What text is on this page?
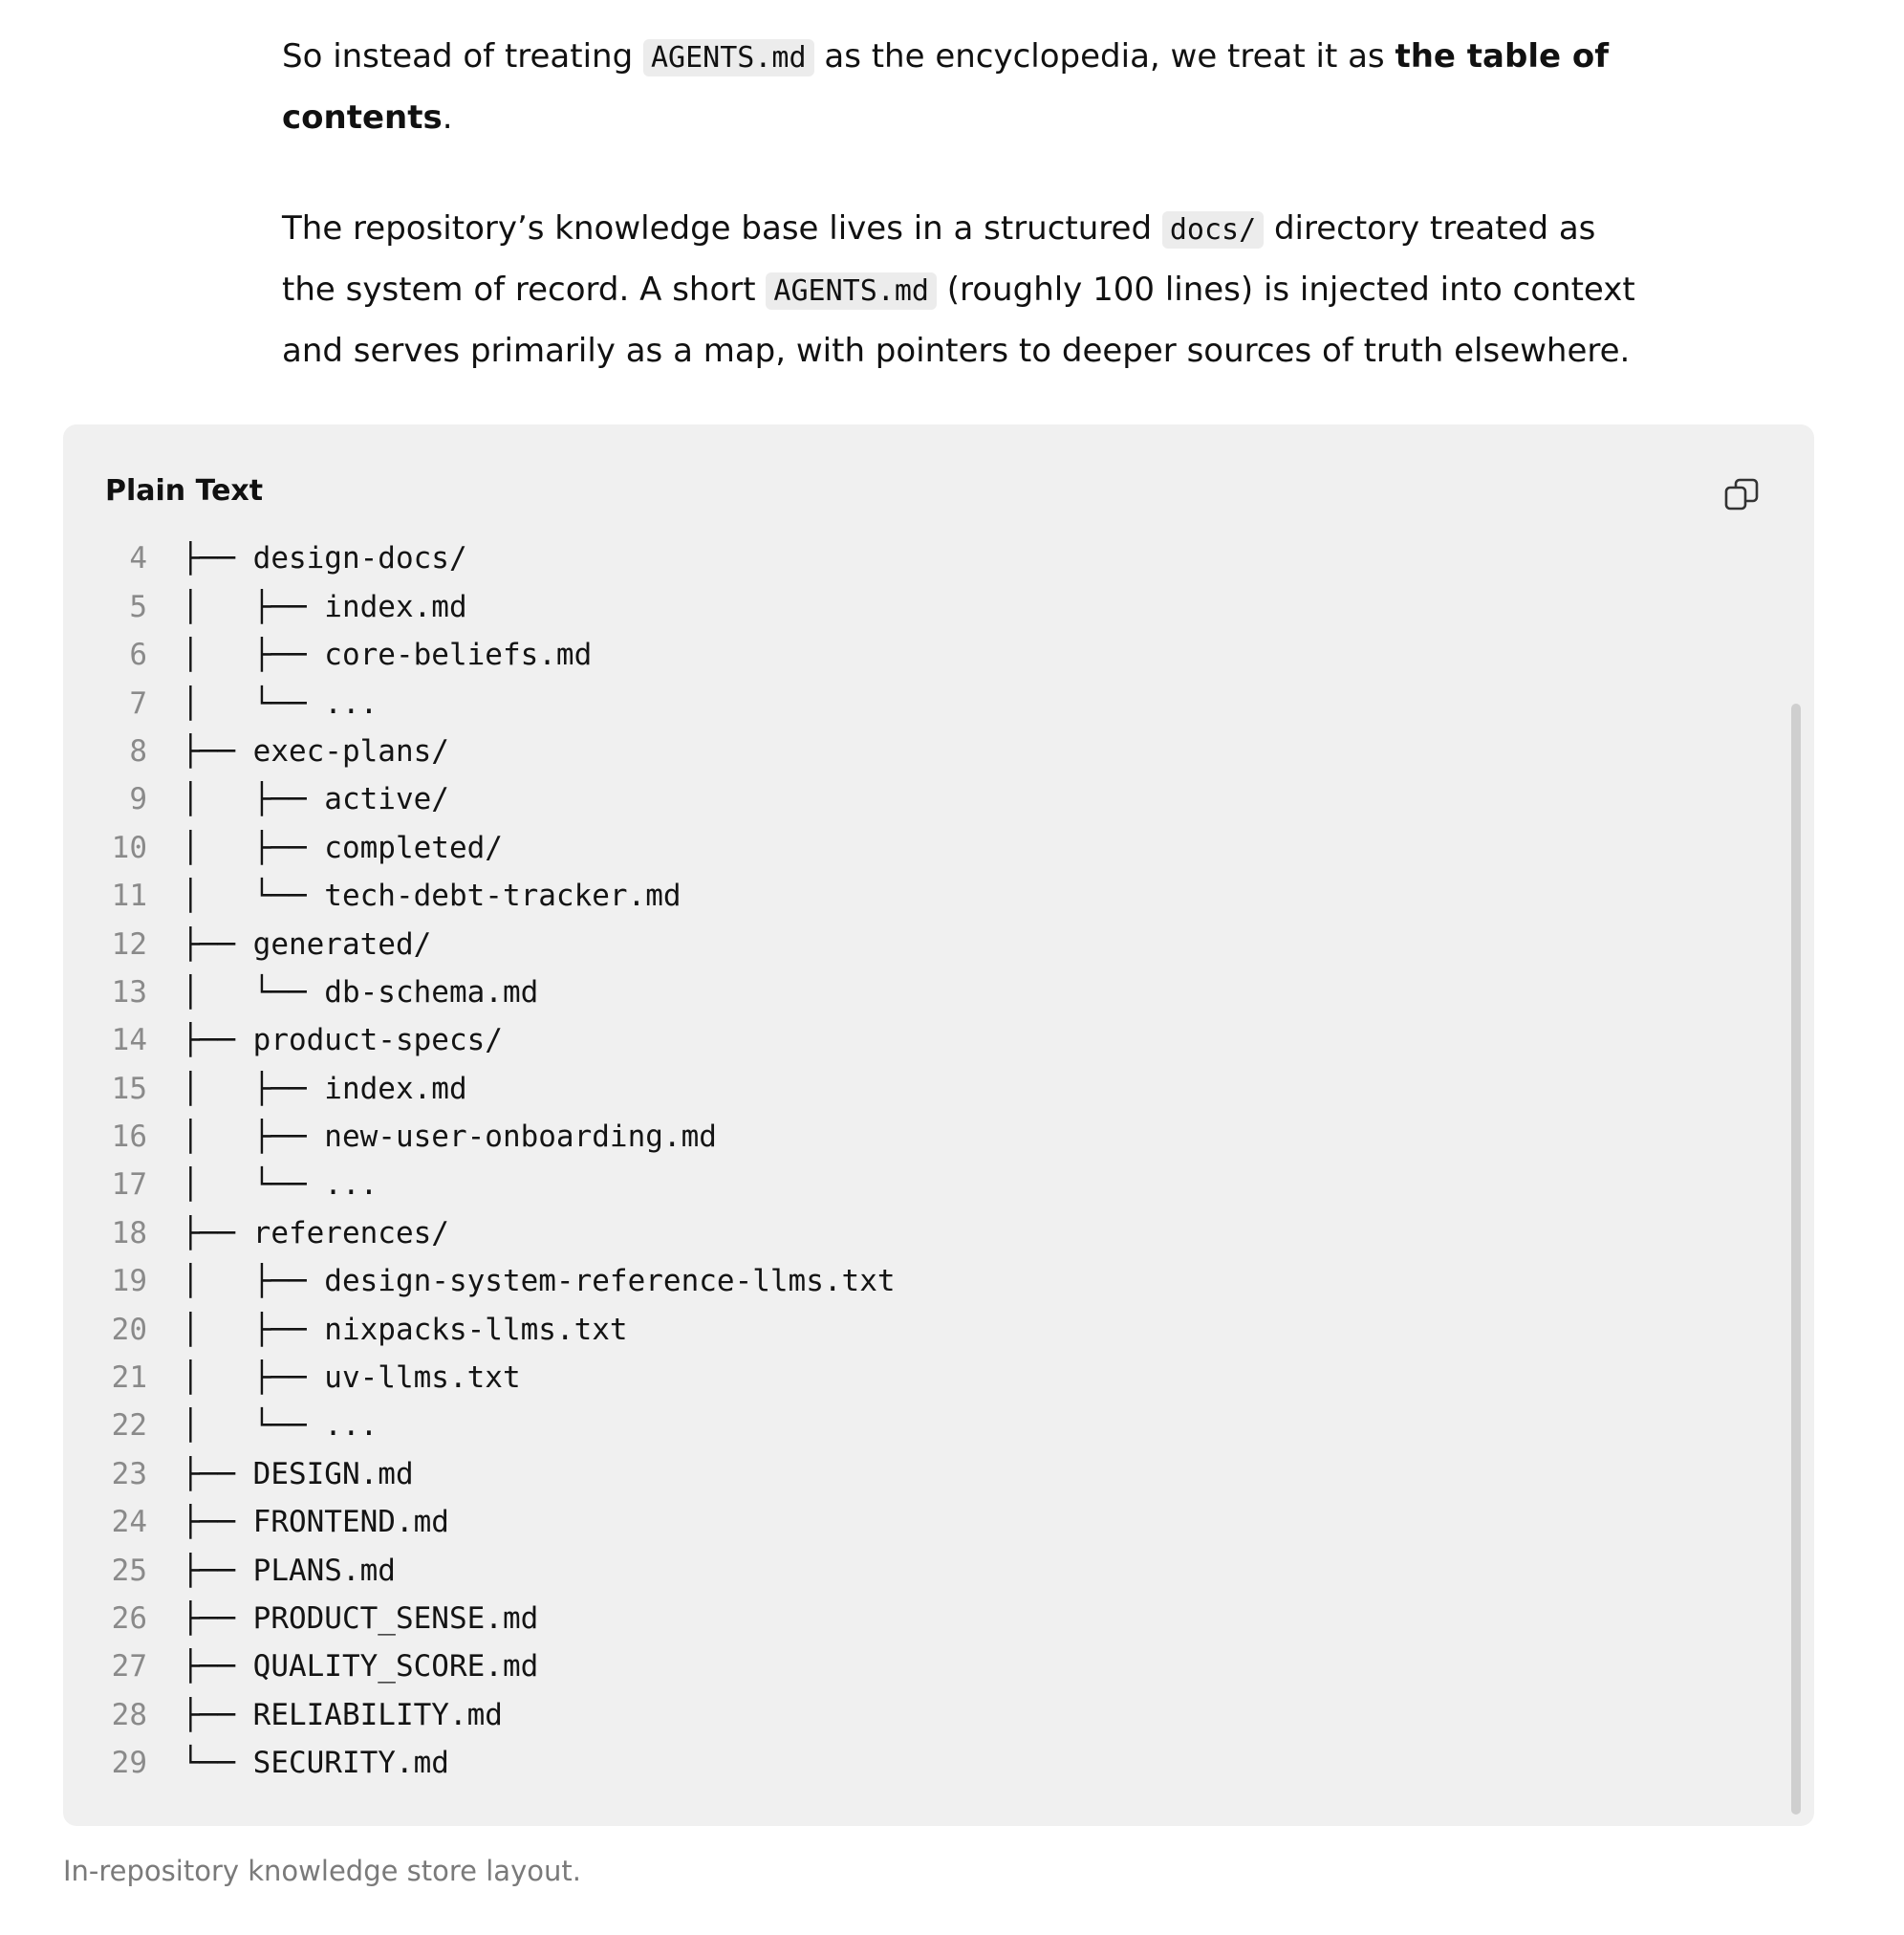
So instead of treating AGENTS.md as the encyclopedia, we treat it as the table of contents.

The repository’s knowledge base lives in a structured docs/ directory treated as the system of record. A short AGENTS.md (roughly 100 lines) is injected into context and serves primarily as a map, with pointers to deeper sources of truth elsewhere.

Plain Text
4	├── design-docs/
5	│   ├── index.md
6	│   ├── core-beliefs.md
7	│   └── ...
8	├── exec-plans/
9	│   ├── active/
10	│   ├── completed/
11	│   └── tech-debt-tracker.md
12	├── generated/
13	│   └── db-schema.md
14	├── product-specs/
15	│   ├── index.md
16	│   ├── new-user-onboarding.md
17	│   └── ...
18	├── references/
19	│   ├── design-system-reference-llms.txt
20	│   ├── nixpacks-llms.txt
21	│   ├── uv-llms.txt
22	│   └── ...
23	├── DESIGN.md
24	├── FRONTEND.md
25	├── PLANS.md
26	├── PRODUCT_SENSE.md
27	├── QUALITY_SCORE.md
28	├── RELIABILITY.md
29	└── SECURITY.md
In-repository knowledge store layout.
